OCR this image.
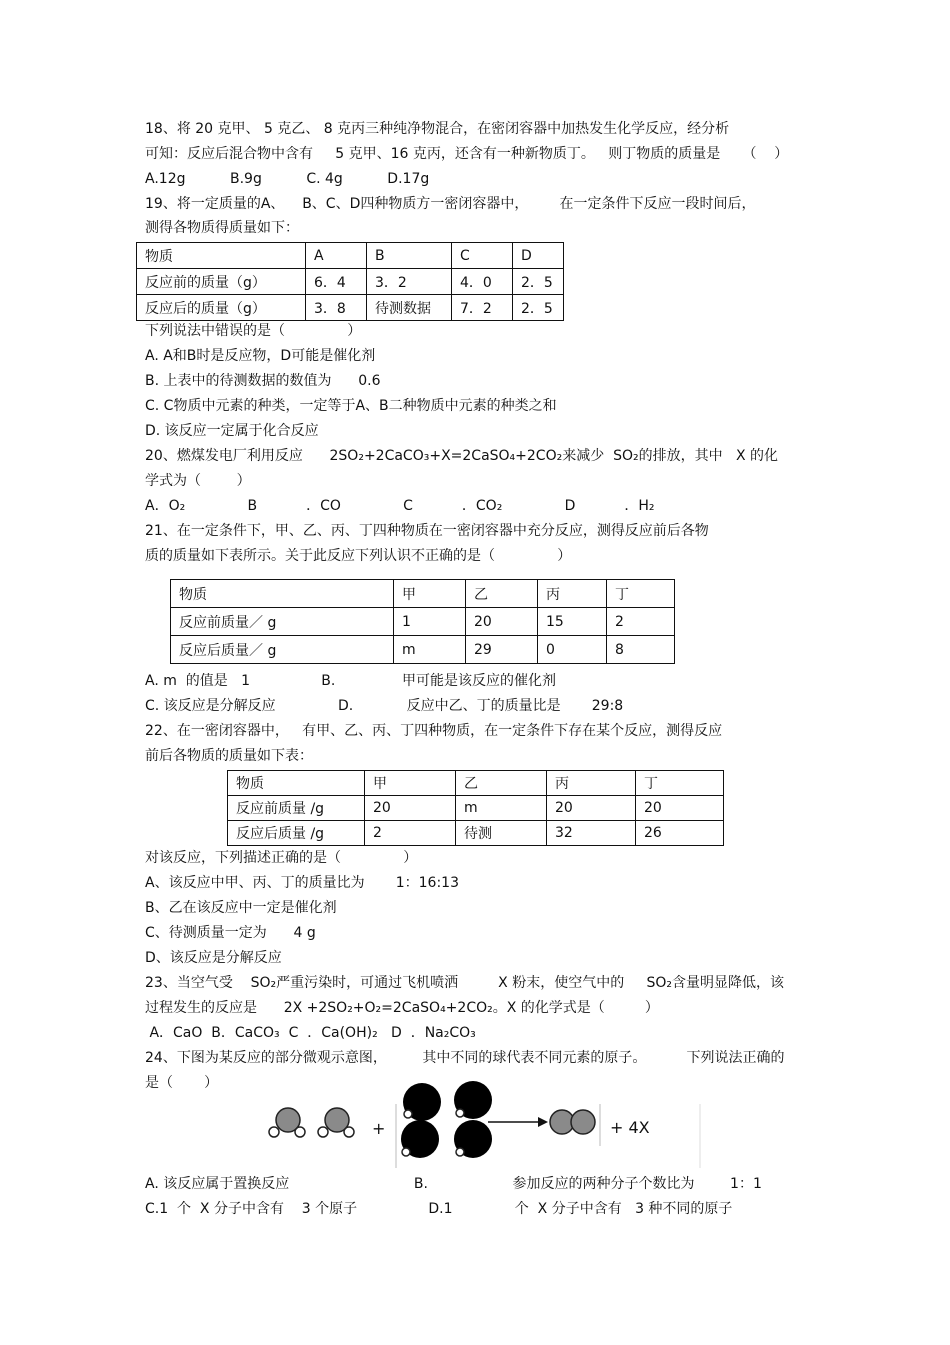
18、将 20 克甲、 5 克乙、 8 克丙三种纯净物混合，在密闭容器中加热发生化学反应，经分析
可知：反应后混合物中含有     5 克甲、16 克丙，还含有一种新物质丁。   则丁物质的质量是     （    ）
A.12g          B.9g          C. 4g          D.17g
19、将一定质量的A、    B、C、D四种物质方一密闭容器中，       在一定条件下反应一段时间后，
测得各物质得质量如下：
物质	A	B	C	D
反应前的质量（g）	6．4	3．2	4．0	2．5
反应后的质量（g）	3．8	待测数据	7．2	2．5
下列说法中错误的是（              ）
A. A和B时是反应物，D可能是催化剂
B. 上表中的待测数据的数值为      0.6
C. C物质中元素的种类，一定等于A、B二种物质中元素的种类之和
D. 该反应一定属于化合反应
20、燃煤发电厂利用反应      2SO₂+2CaCO₃+X=2CaSO₄+2CO₂来减少  SO₂的排放，其中   X 的化
学式为（        ）
A．O₂              B           ．CO              C           ．CO₂              D           ．H₂
21、在一定条件下，甲、乙、丙、丁四种物质在一密闭容器中充分反应，测得反应前后各物
质的质量如下表所示。关于此反应下列认识不正确的是（              ）
物质	甲	乙	丙	丁
反应前质量／ g	1	20	15	2
反应后质量／ g	m	29	0	8
A. m  的值是   1                B.               甲可能是该反应的催化剂
C. 该反应是分解反应              D.            反应中乙、丁的质量比是       29:8
22、在一密闭容器中，   有甲、乙、丙、丁四种物质，在一定条件下存在某个反应，测得反应
前后各物质的质量如下表：
物质	甲	乙	丙	丁
反应前质量 /g	20	m	20	20
反应后质量 /g	2	待测	32	26
对该反应，下列描述正确的是（              ）
A、该反应中甲、丙、丁的质量比为       1：16:13
B、乙在该反应中一定是催化剂
C、待测质量一定为      4 g
D、该反应是分解反应
23、当空气受    SO₂严重污染时，可通过飞机喷洒         X 粉末，使空气中的     SO₂含量明显降低，该
过程发生的反应是      2X +2SO₂+O₂=2CaSO₄+2CO₂。X 的化学式是（         ）
A．CaO  B．CaCO₃  C  ．Ca(OH)₂   D  ．Na₂CO₃
24、下图为某反应的部分微观示意图，        其中不同的球代表不同元素的原子。         下列说法正确的
是（       ）
+	+ 4X
A. 该反应属于置换反应                            B.                   参加反应的两种分子个数比为        1：1
C.1  个  X 分子中含有    3 个原子                D.1              个  X 分子中含有   3 种不同的原子
